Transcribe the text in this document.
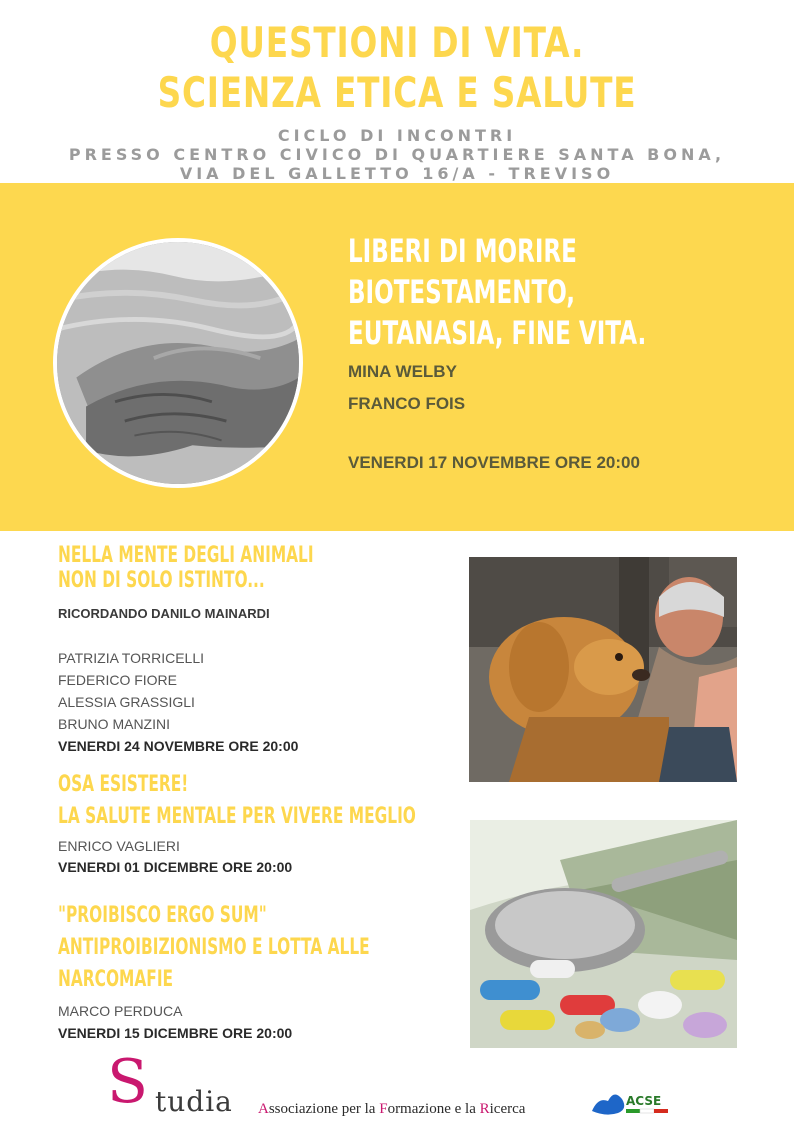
QUESTIONI DI VITA.
SCIENZA ETICA E SALUTE
CICLO DI INCONTRI
PRESSO CENTRO CIVICO DI QUARTIERE SANTA BONA,
VIA DEL GALLETTO 16/A - TREVISO
LIBERI DI MORIRE
BIOTESTAMENTO,
EUTANASIA, FINE VITA.
MINA WELBY
FRANCO FOIS
VENERDI 17 NOVEMBRE ORE 20:00
NELLA MENTE DEGLI ANIMALI
NON DI SOLO ISTINTO...
RICORDANDO DANILO MAINARDI
PATRIZIA TORRICELLI
FEDERICO FIORE
ALESSIA GRASSIGLI
BRUNO MANZINI
VENERDI 24 NOVEMBRE ORE 20:00
OSA ESISTERE!
LA SALUTE MENTALE PER VIVERE MEGLIO
ENRICO VAGLIERI
VENERDI 01 DICEMBRE ORE 20:00
"PROIBISCO ERGO SUM"
ANTIPROIBIZIONISMO E LOTTA ALLE
NARCOMAFIE
MARCO PERDUCA
VENERDI 15 DICEMBRE ORE 20:00
S tudia Associazione per la Formazione e la Ricerca	ACSE
